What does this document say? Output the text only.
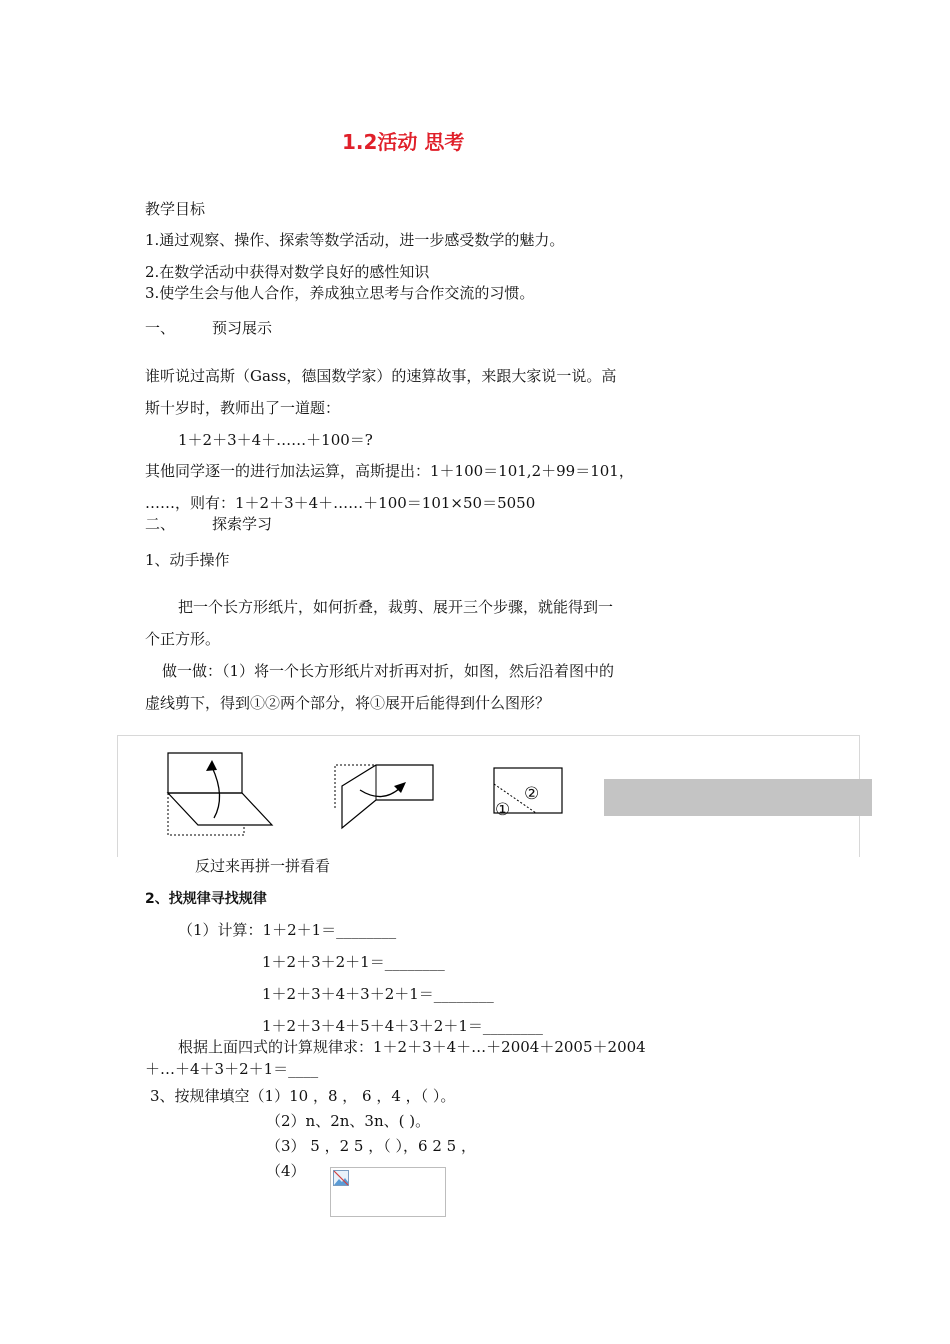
1.2活动 思考
教学目标
1.通过观察、操作、探索等数学活动，进一步感受数学的魅力。
2.在数学活动中获得对数学良好的感性知识
3.使学生会与他人合作，养成独立思考与合作交流的习惯。
一、 预习展示
谁听说过高斯（Gass，德国数学家）的速算故事，来跟大家说一说。高
斯十岁时，教师出了一道题：
1＋2＋3＋4＋……＋100＝?
其他同学逐一的进行加法运算，高斯提出：1＋100＝101,2＋99＝101，
……，则有：1＋2＋3＋4＋……＋100＝101×50＝5050
二、 探索学习
1、动手操作
把一个长方形纸片，如何折叠，裁剪、展开三个步骤，就能得到一
个正方形。
做一做：（1）将一个长方形纸片对折再对折，如图，然后沿着图中的
虚线剪下，得到①②两个部分，将①展开后能得到什么图形？
①
②
反过来再拼一拼看看
2、找规律寻找规律
（1）计算：1＋2＋1＝________
1＋2＋3＋2＋1＝________
1＋2＋3＋4＋3＋2＋1＝________
1＋2＋3＋4＋5＋4＋3＋2＋1＝________
根据上面四式的计算规律求：1＋2＋3＋4＋…＋2004＋2005＋2004
＋…＋4＋3＋2＋1＝____
3、按规律填空（1）10 ，8 ， 6 ，4 ，（ ）。
（2）n、2n、3n、( )。
（3） 5 ，2 5 ，（ ），6 2 5 ，
（4）
